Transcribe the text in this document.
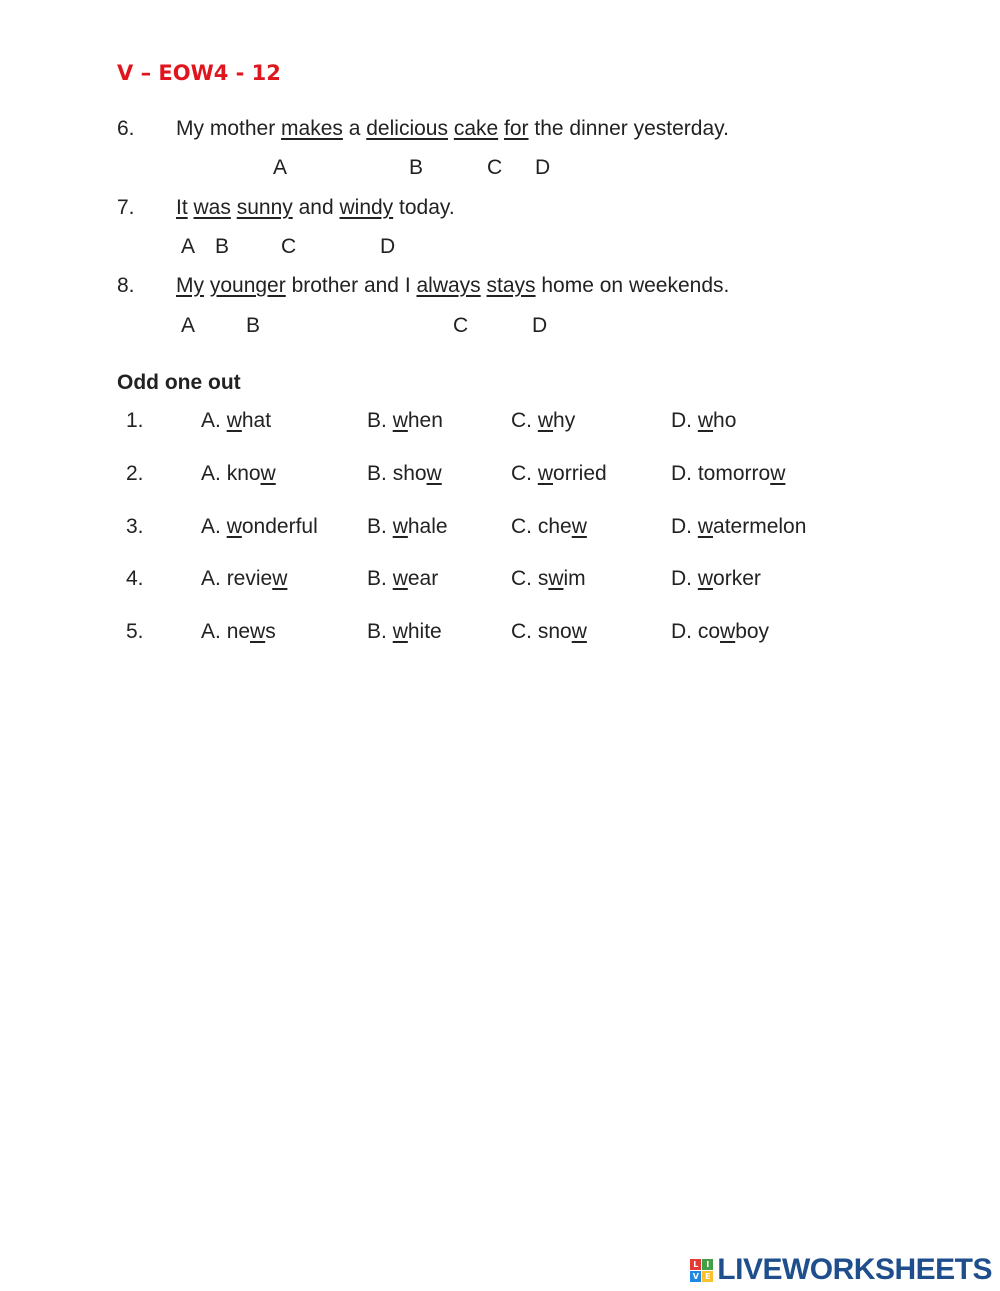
V – EOW4 - 12
6. My mother makes a delicious cake for the dinner yesterday.
A	B	C D
7. It was sunny and windy today.
A B C	D
8. My younger brother and I always stays home on weekends.
A B	C	D
Odd one out
1.	A. what	B. when	C. why	D. who
2.	A. know	B. show	C. worried	D. tomorrow
3.	A. wonderful B. whale	C. chew	D. watermelon
4.	A. review	B. wear	C. swim	D. worker
5.	A. news	B. white	C. snow	D. cowboy
L I
V E LIVEWORKSHEETS
